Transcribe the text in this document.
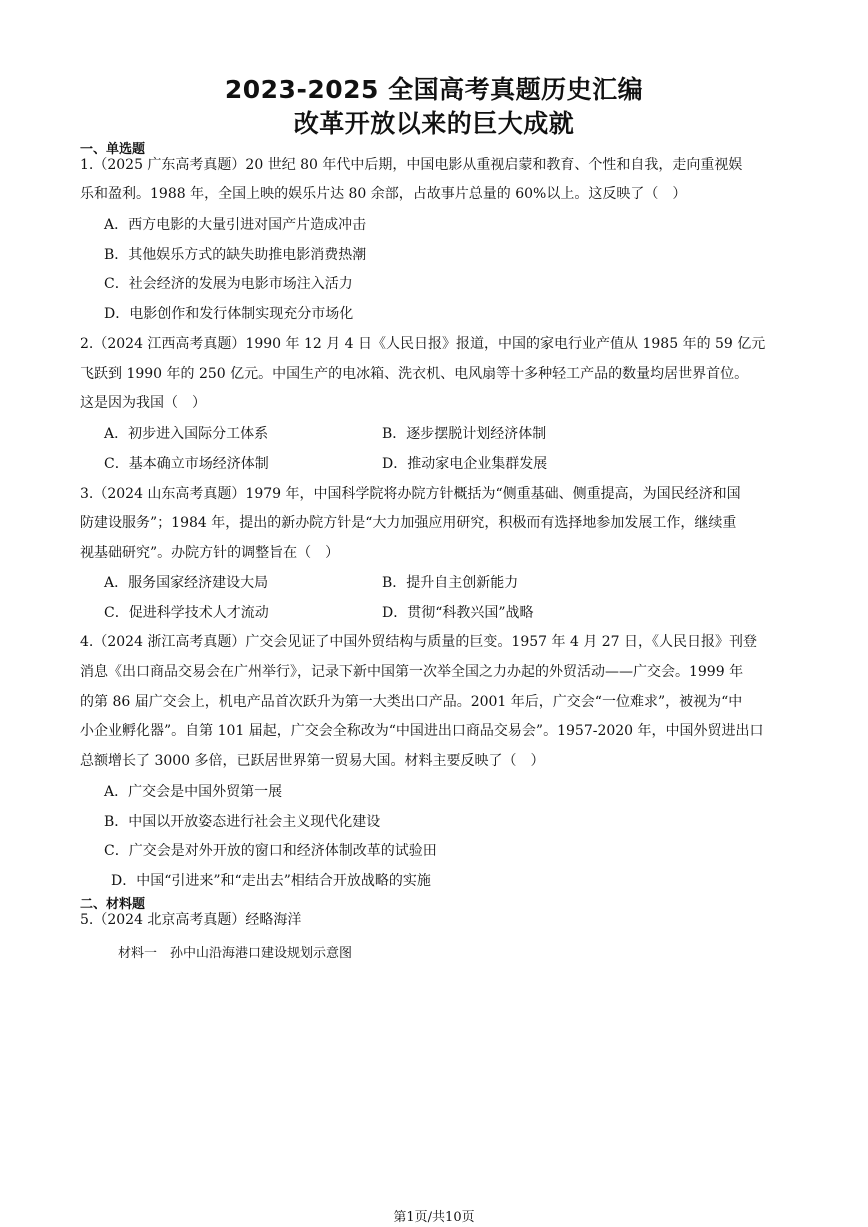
2023-2025 全国高考真题历史汇编
改革开放以来的巨大成就
一、单选题
1.（2025 广东高考真题）20 世纪 80 年代中后期，中国电影从重视启蒙和教育、个性和自我，走向重视娱
乐和盈利。1988 年，全国上映的娱乐片达 80 余部，占故事片总量的 60%以上。这反映了（　）
A．西方电影的大量引进对国产片造成冲击
B．其他娱乐方式的缺失助推电影消费热潮
C．社会经济的发展为电影市场注入活力
D．电影创作和发行体制实现充分市场化
2.（2024 江西高考真题）1990 年 12 月 4 日《人民日报》报道，中国的家电行业产值从 1985 年的 59 亿元
飞跃到 1990 年的 250 亿元。中国生产的电冰箱、洗衣机、电风扇等十多种轻工产品的数量均居世界首位。
这是因为我国（　）
A．初步进入国际分工体系	B．逐步摆脱计划经济体制
C．基本确立市场经济体制	D．推动家电企业集群发展
3.（2024 山东高考真题）1979 年，中国科学院将办院方针概括为“侧重基础、侧重提高，为国民经济和国
防建设服务”；1984 年，提出的新办院方针是“大力加强应用研究，积极而有选择地参加发展工作，继续重
视基础研究”。办院方针的调整旨在（　）
A．服务国家经济建设大局	B．提升自主创新能力
C．促进科学技术人才流动	D．贯彻“科教兴国”战略
4.（2024 浙江高考真题）广交会见证了中国外贸结构与质量的巨变。1957 年 4 月 27 日，《人民日报》刊登
消息《出口商品交易会在广州举行》，记录下新中国第一次举全国之力办起的外贸活动——广交会。1999 年
的第 86 届广交会上，机电产品首次跃升为第一大类出口产品。2001 年后，广交会“一位难求”，被视为“中
小企业孵化器”。自第 101 届起，广交会全称改为“中国进出口商品交易会”。1957-2020 年，中国外贸进出口
总额增长了 3000 多倍，已跃居世界第一贸易大国。材料主要反映了（　）
A．广交会是中国外贸第一展
B．中国以开放姿态进行社会主义现代化建设
C．广交会是对外开放的窗口和经济体制改革的试验田
D．中国“引进来”和“走出去”相结合开放战略的实施
二、材料题
5.（2024 北京高考真题）经略海洋
材料一　孙中山沿海港口建设规划示意图
第1页/共10页
